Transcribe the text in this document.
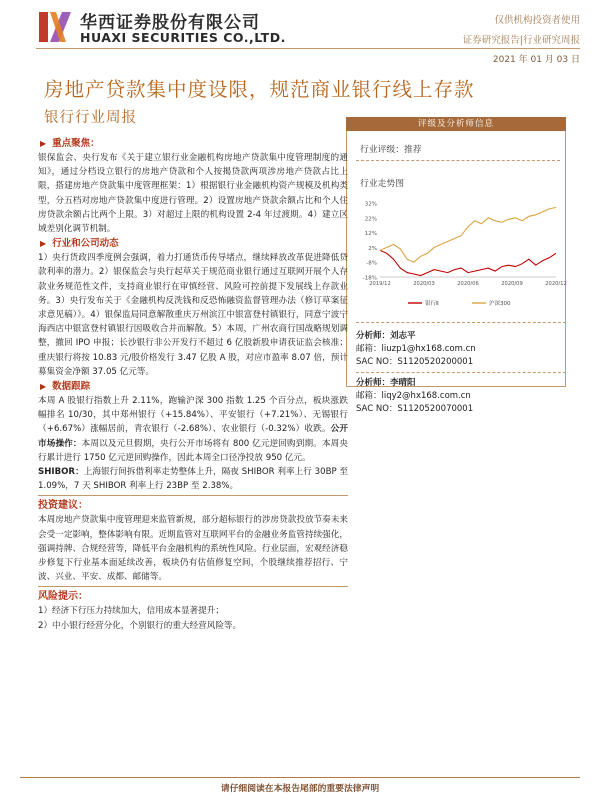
华西证券股份有限公司
HUAXI SECURITIES CO.,LTD.
仅供机构投资者使用
证券研究报告|行业研究周报
2021 年 01 月 03 日
房地产贷款集中度设限，规范商业银行线上存款
银行行业周报	评级及分析师信息
行业评级：推荐
行业走势图
32%
22%
12%
2%
-8%
-18%
2019/12	2020/03	2020/06	2020/09	2020/12
银行Ⅱ	沪深300
分析师：刘志平
邮箱：liuzp1@hx168.com.cn
SAC NO：S1120520200001
分析师：李晴阳
邮箱：liqy2@hx168.com.cn
SAC NO：S1120520070001
▶ 重点聚焦：
银保监会、央行发布《关于建立银行业金融机构房地产贷款集中度管理制度的通知》，通过分档设立银行的房地产贷款和个人按揭贷款两项涉房地产贷款占比上限，搭建房地产贷款集中度管理框架：1）根据银行业金融机构资产规模及机构类型，分五档对房地产贷款集中度进行管理。2）设置房地产贷款余额占比和个人住房贷款余额占比两个上限。3）对超过上限的机构设置 2-4 年过渡期。4）建立区域差别化调节机制。
▶ 行业和公司动态
1）央行货政四季度例会强调，着力打通货币传导堵点，继续释放改革促进降低贷款利率的潜力。2）银保监会与央行起草关于规范商业银行通过互联网开展个人存款业务规范性文件，支持商业银行在审慎经营、风险可控前提下发展线上存款业务。3）央行发布关于《金融机构反洗钱和反恐怖融资监督管理办法（修订草案征求意见稿）》。4）银保监局同意解散重庆万州滨江中银富登村镇银行，同意宁波宁海西店中银富登村镇银行因吸收合并而解散。5）本周，广州农商行国战略规划调整，撤回 IPO 申报；长沙银行非公开发行不超过 6 亿股新股申请获证监会核准；重庆银行将按 10.83 元/股价格发行 3.47 亿股 A 股，对应市盈率 8.07 倍，预计募集资金净额 37.05 亿元等。
▶ 数据跟踪
本周 A 股银行指数上升 2.11%，跑输沪深 300 指数 1.25 个百分点，板块涨跌幅排名 10/30，其中郑州银行（+15.84%）、平安银行（+7.21%）、无锡银行（+6.67%）涨幅居前，青农银行（-2.68%）、农业银行（-0.32%）收跌。公开市场操作：本周以及元旦假期，央行公开市场将有 800 亿元逆回购到期。本周央行累计进行 1750 亿元逆回购操作，因此本周全口径净投放 950 亿元。
SHIBOR：上海银行间拆借利率走势整体上升，隔夜 SHIBOR 利率上行 30BP 至 1.09%，7 天 SHIBOR 利率上行 23BP 至 2.38%。
投资建议：
本周房地产贷款集中度管理迎来监管新规，部分超标银行的涉房贷款投放节奏未来会受一定影响，整体影响有限。近期监管对互联网平台的金融业务监管持续强化，强调持牌、合规经营等，降低平台金融机构的系统性风险。行业层面，宏观经济稳步修复下行业基本面延续改善，板块仍有估值修复空间，个股继续推荐招行、宁波、兴业、平安、成都、邮储等。
风险提示：
1）经济下行压力持续加大，信用成本显著提升；
2）中小银行经营分化，个别银行的重大经营风险等。
请仔细阅读在本报告尾部的重要法律声明
